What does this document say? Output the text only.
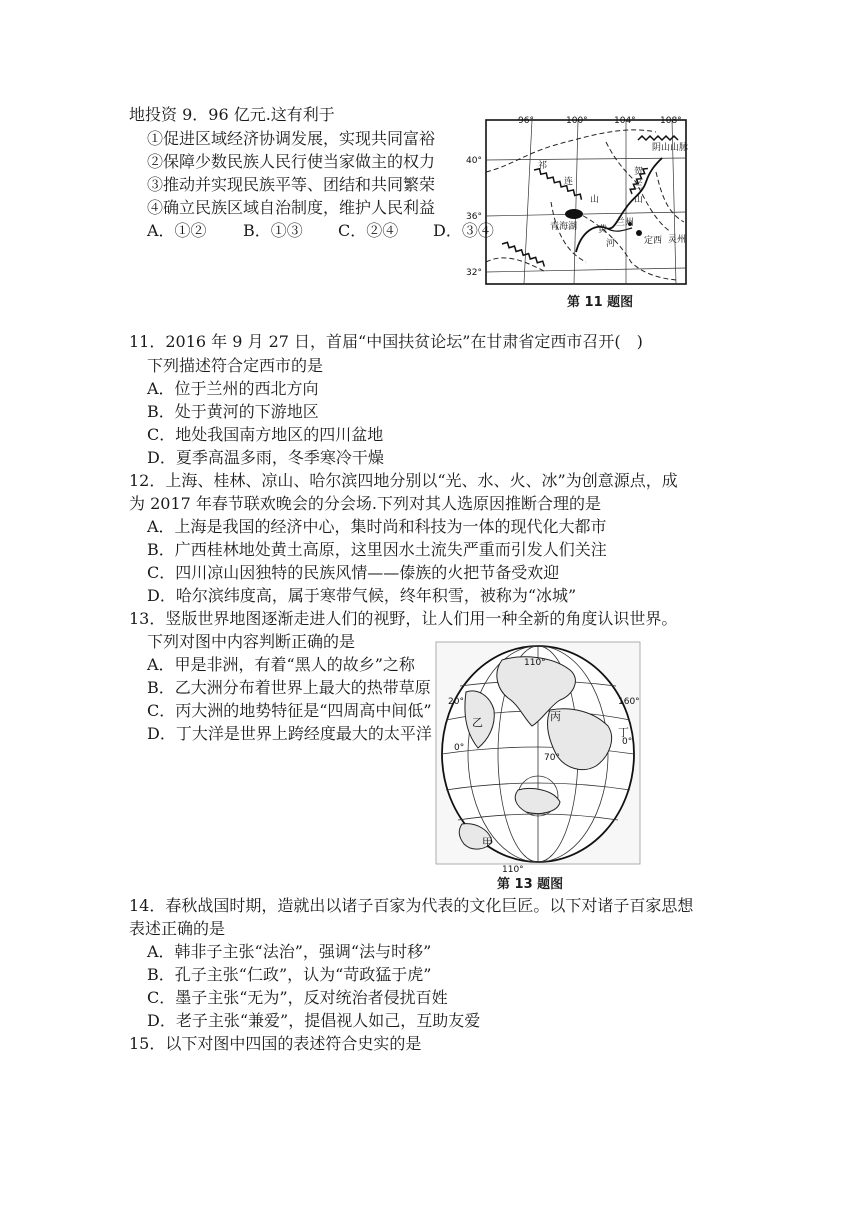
地投资 9．96 亿元.这有利于
①促进区域经济协调发展，实现共同富裕
②保障少数民族人民行使当家做主的权力
③推动并实现民族平等、团结和共同繁荣
④确立民族区域自治制度，维护人民利益
A．①② B．①③ C．②④ D．③④
96°	100°	104°	108°
40°
36°
32°
阴山山脉
祁
连
山
贺
兰
山
青海湖	兰州
黄
河	定西 灵州
第 11 题图
11．2016 年 9 月 27 日，首届“中国扶贫论坛”在甘肃省定西市召开(　)
下列描述符合定西市的是
A．位于兰州的西北方向
B．处于黄河的下游地区
C．地处我国南方地区的四川盆地
D．夏季高温多雨，冬季寒冷干燥
12．上海、桂林、凉山、哈尔滨四地分别以“光、水、火、冰”为创意源点，成
为 2017 年春节联欢晚会的分会场.下列对其人选原因推断合理的是
A．上海是我国的经济中心，集时尚和科技为一体的现代化大都市
B．广西桂林地处黄土高原，这里因水土流失严重而引发人们关注
C．四川凉山因独特的民族风情——傣族的火把节备受欢迎
D．哈尔滨纬度高，属于寒带气候，终年积雪，被称为“冰城”
13．竖版世界地图逐渐走进人们的视野，让人们用一种全新的角度认识世界。
下列对图中内容判断正确的是
A．甲是非洲，有着“黑人的故乡”之称
B．乙大洲分布着世界上最大的热带草原
C．丙大洲的地势特征是“四周高中间低”
D．丁大洋是世界上跨经度最大的太平洋
110°
20°	160°
0°
0°
70°
110°
甲
乙	丙
丁
第 13 题图
14．春秋战国时期，造就出以诸子百家为代表的文化巨匠。以下对诸子百家思想
表述正确的是
A．韩非子主张“法治”，强调“法与时移”
B．孔子主张“仁政”，认为“苛政猛于虎”
C．墨子主张“无为”，反对统治者侵扰百姓
D．老子主张“兼爱”，提倡视人如己，互助友爱
15．以下对图中四国的表述符合史实的是
